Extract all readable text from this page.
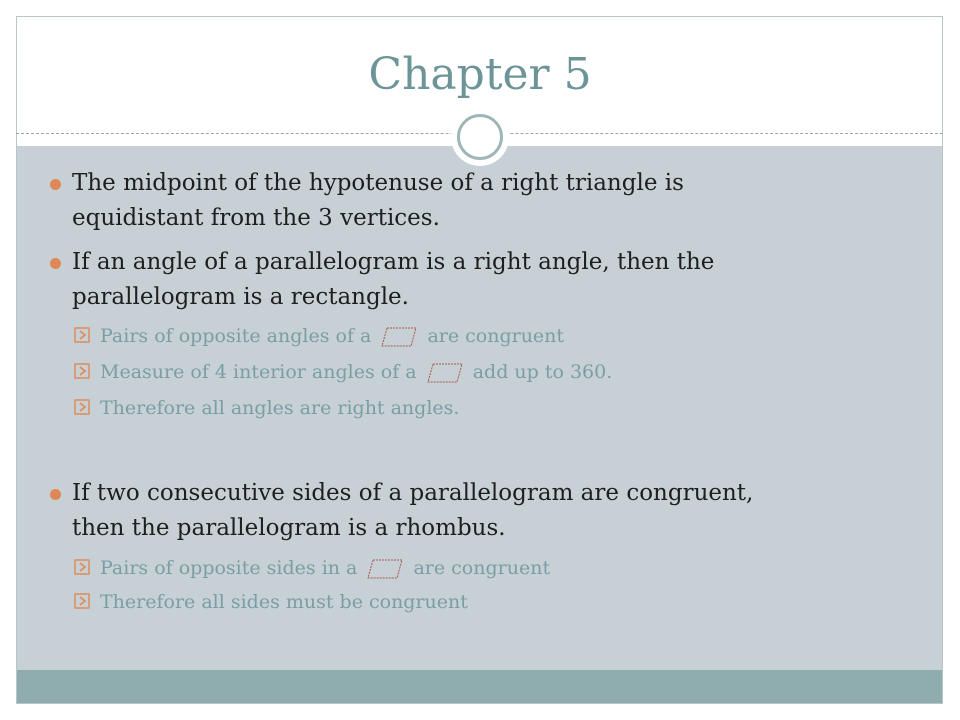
Chapter 5
The midpoint of the hypotenuse of a right triangle is
equidistant from the 3 vertices.
If an angle of a parallelogram is a right angle, then the
parallelogram is a rectangle.
Pairs of opposite angles of a	are congruent
Measure of 4 interior angles of a	add up to 360.
Therefore all angles are right angles.
If two consecutive sides of a parallelogram are congruent,
then the parallelogram is a rhombus.
Pairs of opposite sides in a	are congruent
Therefore all sides must be congruent
